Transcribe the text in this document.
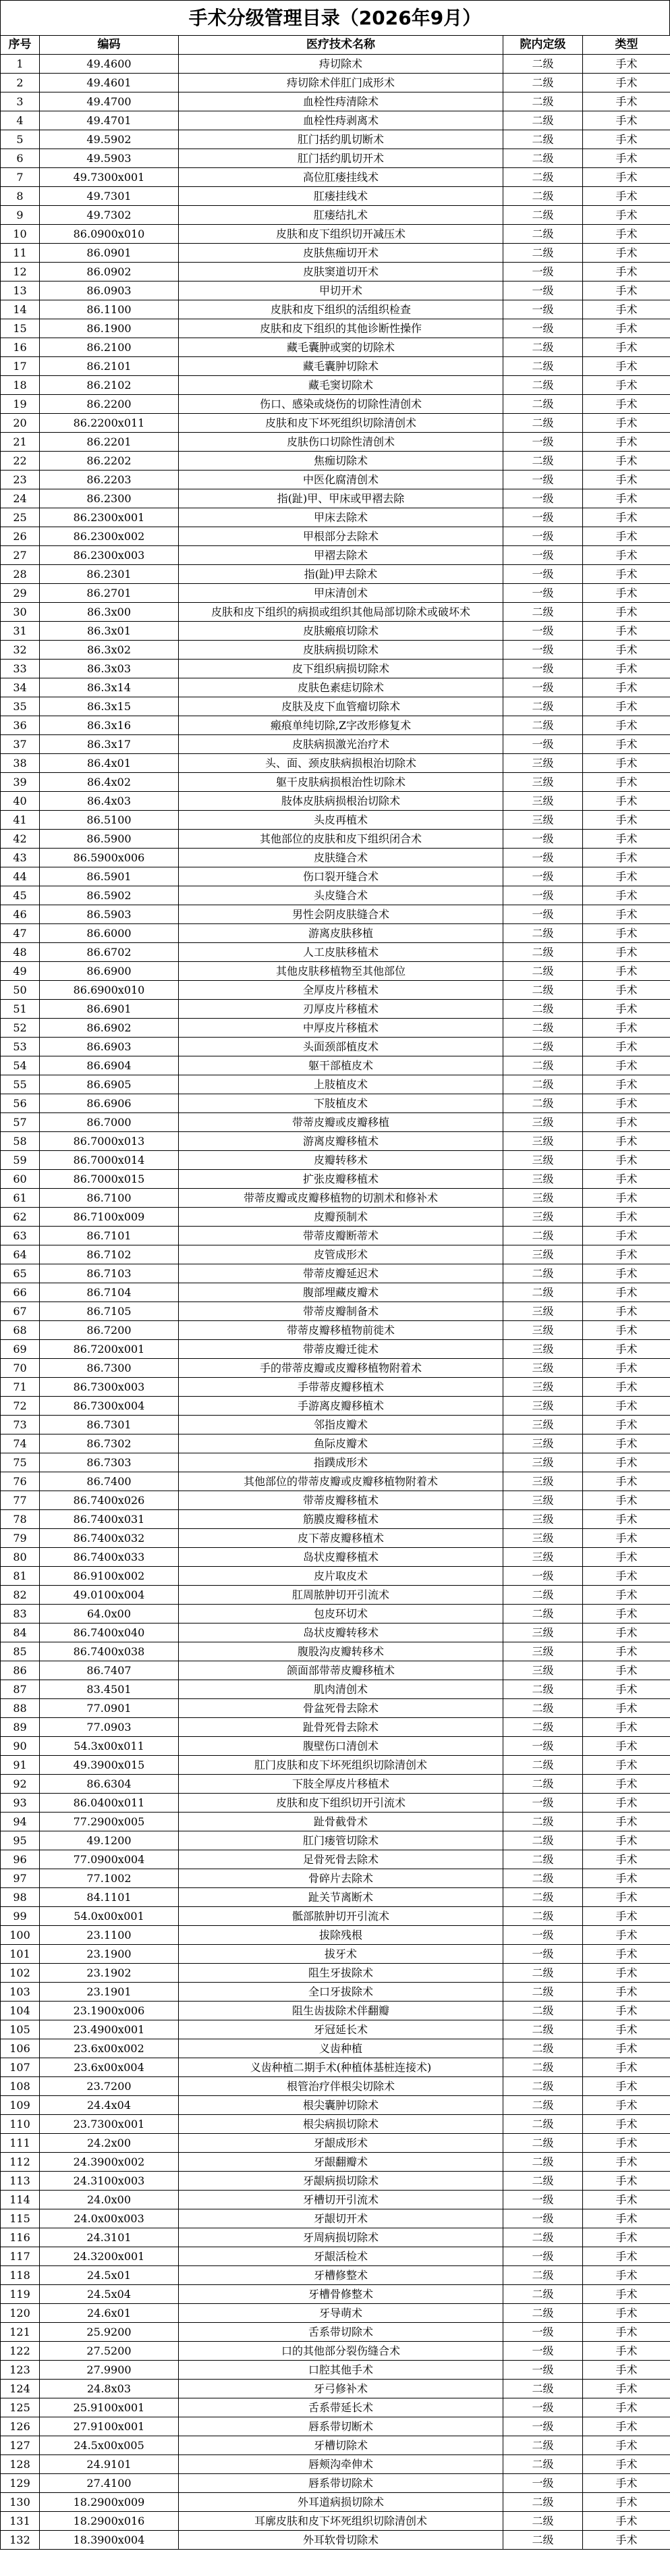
手术分级管理目录（2026年9月）
序号	编码	医疗技术名称	院内定级	类型
1	49.4600	痔切除术	二级	手术
2	49.4601	痔切除术伴肛门成形术	二级	手术
3	49.4700	血栓性痔清除术	二级	手术
4	49.4701	血栓性痔剥离术	二级	手术
5	49.5902	肛门括约肌切断术	二级	手术
6	49.5903	肛门括约肌切开术	二级	手术
7	49.7300x001	高位肛瘘挂线术	二级	手术
8	49.7301	肛瘘挂线术	二级	手术
9	49.7302	肛瘘结扎术	二级	手术
10	86.0900x010	皮肤和皮下组织切开减压术	二级	手术
11	86.0901	皮肤焦痂切开术	二级	手术
12	86.0902	皮肤窦道切开术	一级	手术
13	86.0903	甲切开术	一级	手术
14	86.1100	皮肤和皮下组织的活组织检查	一级	手术
15	86.1900	皮肤和皮下组织的其他诊断性操作	一级	手术
16	86.2100	藏毛囊肿或窦的切除术	二级	手术
17	86.2101	藏毛囊肿切除术	二级	手术
18	86.2102	藏毛窦切除术	二级	手术
19	86.2200	伤口、感染或烧伤的切除性清创术	二级	手术
20	86.2200x011	皮肤和皮下坏死组织切除清创术	二级	手术
21	86.2201	皮肤伤口切除性清创术	一级	手术
22	86.2202	焦痂切除术	二级	手术
23	86.2203	中医化腐清创术	一级	手术
24	86.2300	指(趾)甲、甲床或甲褶去除	一级	手术
25	86.2300x001	甲床去除术	一级	手术
26	86.2300x002	甲根部分去除术	一级	手术
27	86.2300x003	甲褶去除术	一级	手术
28	86.2301	指(趾)甲去除术	一级	手术
29	86.2701	甲床清创术	一级	手术
30	86.3x00	皮肤和皮下组织的病损或组织其他局部切除术或破坏术	二级	手术
31	86.3x01	皮肤瘢痕切除术	一级	手术
32	86.3x02	皮肤病损切除术	一级	手术
33	86.3x03	皮下组织病损切除术	一级	手术
34	86.3x14	皮肤色素痣切除术	一级	手术
35	86.3x15	皮肤及皮下血管瘤切除术	二级	手术
36	86.3x16	瘢痕单纯切除,Z字改形修复术	二级	手术
37	86.3x17	皮肤病损激光治疗术	一级	手术
38	86.4x01	头、面、颈皮肤病损根治切除术	三级	手术
39	86.4x02	躯干皮肤病损根治性切除术	三级	手术
40	86.4x03	肢体皮肤病损根治切除术	三级	手术
41	86.5100	头皮再植术	三级	手术
42	86.5900	其他部位的皮肤和皮下组织闭合术	一级	手术
43	86.5900x006	皮肤缝合术	一级	手术
44	86.5901	伤口裂开缝合术	一级	手术
45	86.5902	头皮缝合术	一级	手术
46	86.5903	男性会阴皮肤缝合术	一级	手术
47	86.6000	游离皮肤移植	二级	手术
48	86.6702	人工皮肤移植术	二级	手术
49	86.6900	其他皮肤移植物至其他部位	二级	手术
50	86.6900x010	全厚皮片移植术	二级	手术
51	86.6901	刃厚皮片移植术	二级	手术
52	86.6902	中厚皮片移植术	二级	手术
53	86.6903	头面颈部植皮术	二级	手术
54	86.6904	躯干部植皮术	二级	手术
55	86.6905	上肢植皮术	二级	手术
56	86.6906	下肢植皮术	二级	手术
57	86.7000	带蒂皮瓣或皮瓣移植	三级	手术
58	86.7000x013	游离皮瓣移植术	三级	手术
59	86.7000x014	皮瓣转移术	三级	手术
60	86.7000x015	扩张皮瓣移植术	三级	手术
61	86.7100	带蒂皮瓣或皮瓣移植物的切割术和修补术	三级	手术
62	86.7100x009	皮瓣预制术	三级	手术
63	86.7101	带蒂皮瓣断蒂术	二级	手术
64	86.7102	皮管成形术	三级	手术
65	86.7103	带蒂皮瓣延迟术	二级	手术
66	86.7104	腹部埋藏皮瓣术	二级	手术
67	86.7105	带蒂皮瓣制备术	三级	手术
68	86.7200	带蒂皮瓣移植物前徙术	三级	手术
69	86.7200x001	带蒂皮瓣迁徙术	三级	手术
70	86.7300	手的带蒂皮瓣或皮瓣移植物附着术	三级	手术
71	86.7300x003	手带蒂皮瓣移植术	三级	手术
72	86.7300x004	手游离皮瓣移植术	三级	手术
73	86.7301	邻指皮瓣术	三级	手术
74	86.7302	鱼际皮瓣术	三级	手术
75	86.7303	指蹼成形术	三级	手术
76	86.7400	其他部位的带蒂皮瓣或皮瓣移植物附着术	三级	手术
77	86.7400x026	带蒂皮瓣移植术	三级	手术
78	86.7400x031	筋膜皮瓣移植术	三级	手术
79	86.7400x032	皮下蒂皮瓣移植术	三级	手术
80	86.7400x033	岛状皮瓣移植术	三级	手术
81	86.9100x002	皮片取皮术	一级	手术
82	49.0100x004	肛周脓肿切开引流术	二级	手术
83	64.0x00	包皮环切术	二级	手术
84	86.7400x040	岛状皮瓣转移术	三级	手术
85	86.7400x038	腹股沟皮瓣转移术	三级	手术
86	86.7407	颌面部带蒂皮瓣移植术	三级	手术
87	83.4501	肌肉清创术	二级	手术
88	77.0901	骨盆死骨去除术	二级	手术
89	77.0903	趾骨死骨去除术	二级	手术
90	54.3x00x011	腹壁伤口清创术	一级	手术
91	49.3900x015	肛门皮肤和皮下坏死组织切除清创术	二级	手术
92	86.6304	下肢全厚皮片移植术	二级	手术
93	86.0400x011	皮肤和皮下组织切开引流术	一级	手术
94	77.2900x005	趾骨截骨术	二级	手术
95	49.1200	肛门瘘管切除术	二级	手术
96	77.0900x004	足骨死骨去除术	二级	手术
97	77.1002	骨碎片去除术	二级	手术
98	84.1101	趾关节离断术	二级	手术
99	54.0x00x001	骶部脓肿切开引流术	二级	手术
100	23.1100	拔除残根	一级	手术
101	23.1900	拔牙术	一级	手术
102	23.1902	阻生牙拔除术	二级	手术
103	23.1901	全口牙拔除术	二级	手术
104	23.1900x006	阻生齿拔除术伴翻瓣	二级	手术
105	23.4900x001	牙冠延长术	二级	手术
106	23.6x00x002	义齿种植	二级	手术
107	23.6x00x004	义齿种植二期手术(种植体基桩连接术)	二级	手术
108	23.7200	根管治疗伴根尖切除术	二级	手术
109	24.4x04	根尖囊肿切除术	二级	手术
110	23.7300x001	根尖病损切除术	二级	手术
111	24.2x00	牙龈成形术	二级	手术
112	24.3900x002	牙龈翻瓣术	二级	手术
113	24.3100x003	牙龈病损切除术	二级	手术
114	24.0x00	牙槽切开引流术	一级	手术
115	24.0x00x003	牙龈切开术	一级	手术
116	24.3101	牙周病损切除术	二级	手术
117	24.3200x001	牙龈活检术	一级	手术
118	24.5x01	牙槽修整术	二级	手术
119	24.5x04	牙槽骨修整术	二级	手术
120	24.6x01	牙导萌术	二级	手术
121	25.9200	舌系带切除术	一级	手术
122	27.5200	口的其他部分裂伤缝合术	一级	手术
123	27.9900	口腔其他手术	一级	手术
124	24.8x03	牙弓修补术	二级	手术
125	25.9100x001	舌系带延长术	一级	手术
126	27.9100x001	唇系带切断术	一级	手术
127	24.5x00x005	牙槽切除术	二级	手术
128	24.9101	唇颊沟牵伸术	二级	手术
129	27.4100	唇系带切除术	一级	手术
130	18.2900x009	外耳道病损切除术	二级	手术
131	18.2900x016	耳廓皮肤和皮下坏死组织切除清创术	二级	手术
132	18.3900x004	外耳软骨切除术	二级	手术
